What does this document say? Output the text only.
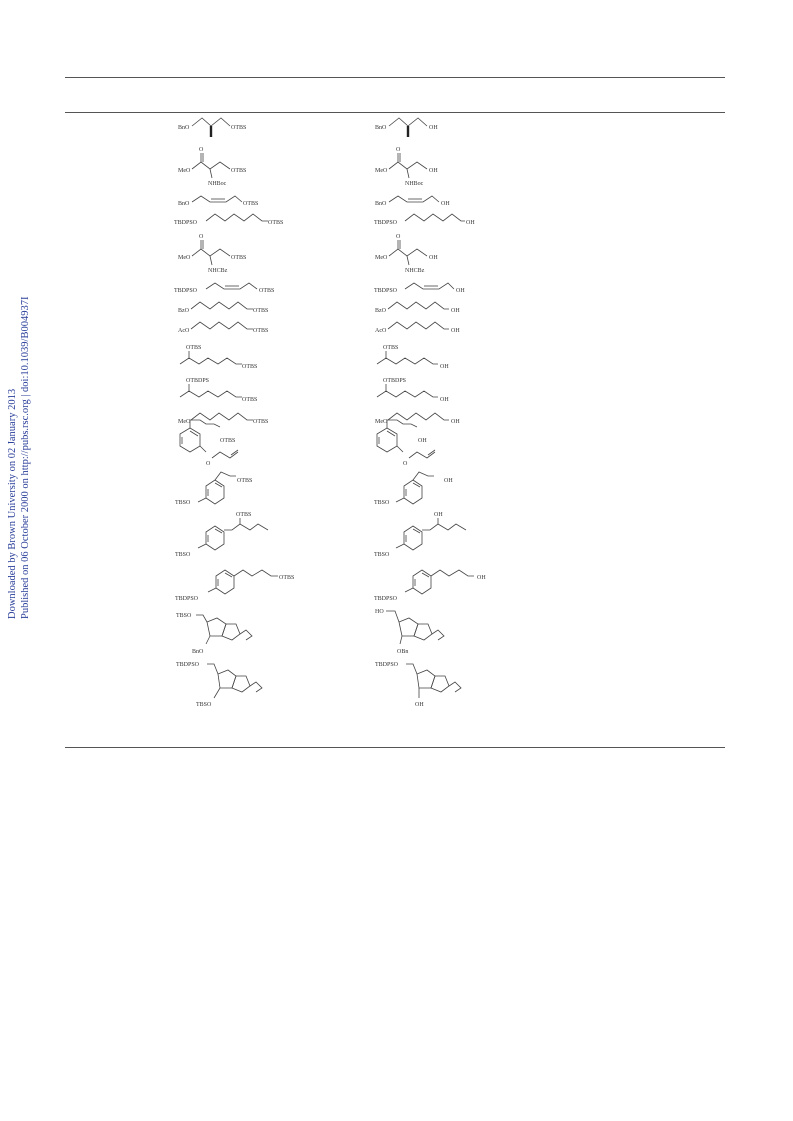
Downloaded by Brown University on 02 January 2013 Published on 06 October 2000 on http://pubs.rsc.org | doi:10.1039/B004937I
BnO	OTBS	BnO	OH
MeO
O
OTBS
NHBoc
MeO
O
OH
NHBoc
BnO	OTBS	BnO	OH
TBDPSO	OTBS	TBDPSO	OH
MeO
O
OTBS
NHCBz
MeO
O
OH
NHCBz
TBDPSO	OTBS	TBDPSO	OH
BzO	OTBS	BzO	OH
AcO	OTBS	AcO	OH
OTBS
OTBS
OTBS
OH
OTBDPS
OTBS
OTBDPS
OH
MeO	OTBS	MeO	OH
O
OTBS
O
OH
OTBS
TBSO
OH
TBSO
OTBS
TBSO
OH
TBSO
OTBS
TBDPSO
OH
TBDPSO
TBSO
BnO
HO
OBn
TBDPSO
TBSO
TBDPSO
OH
